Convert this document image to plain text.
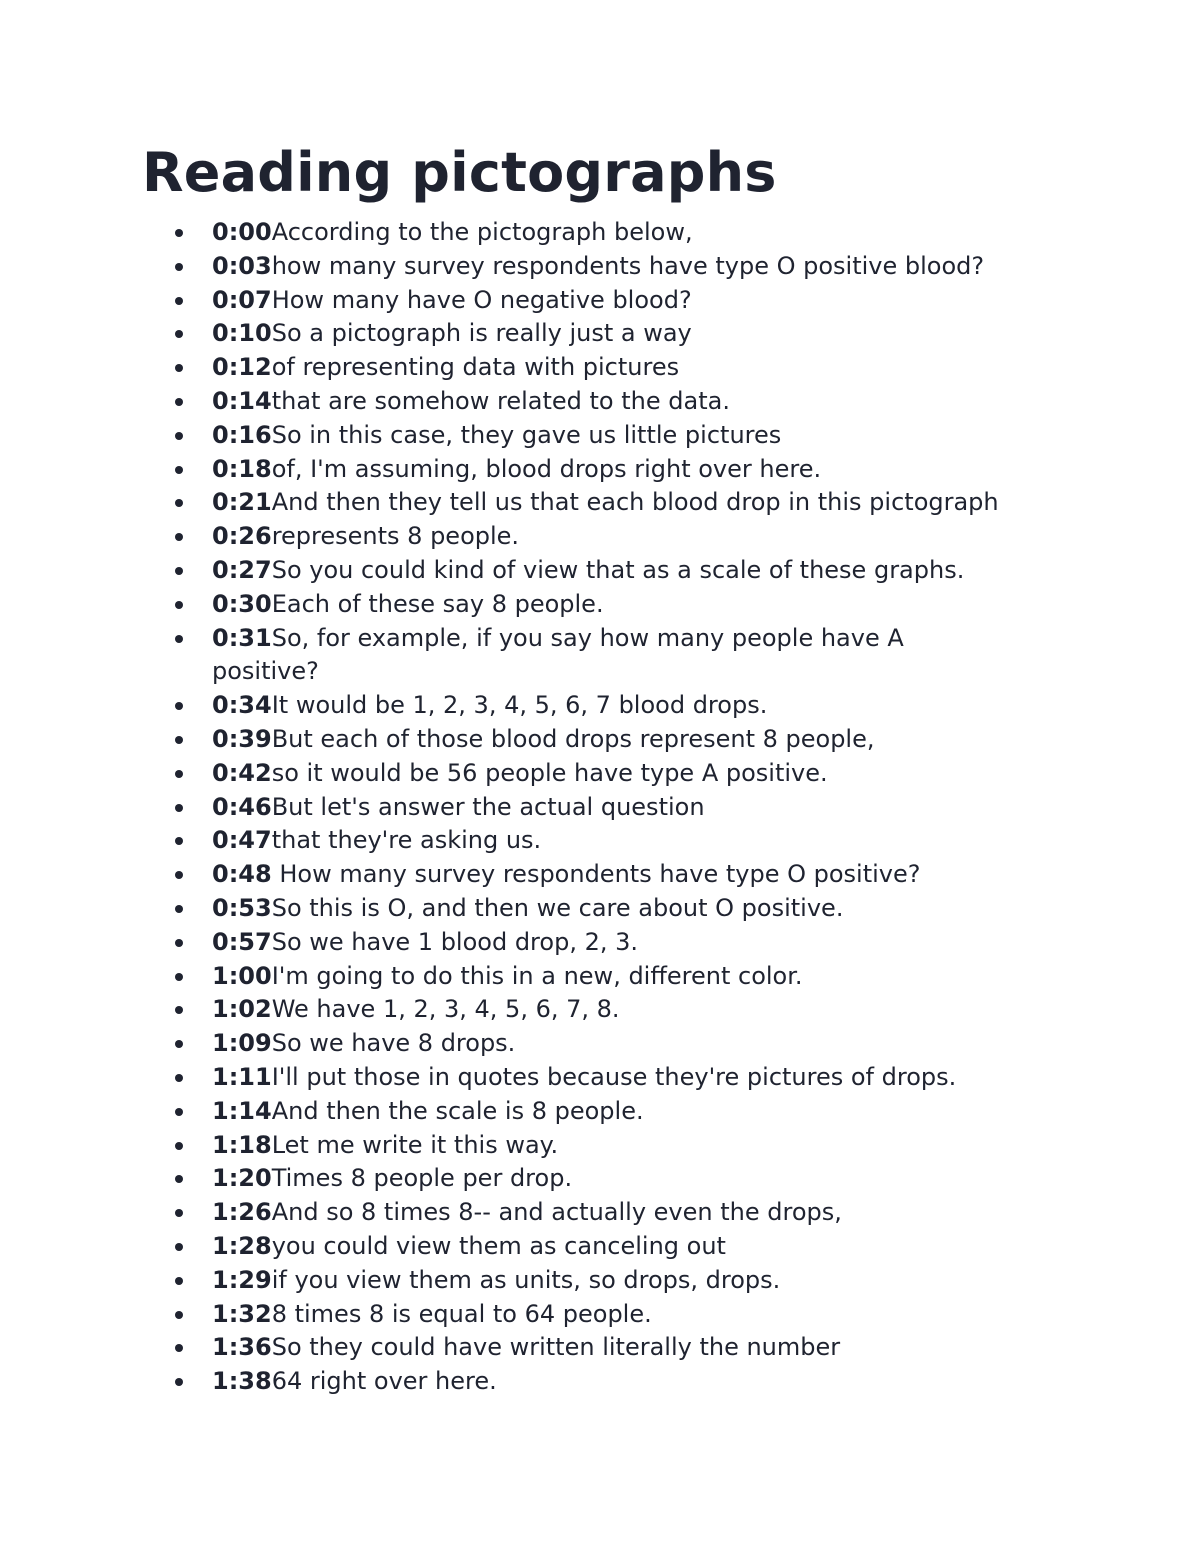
Reading pictographs
0:00According to the pictograph below,
0:03how many survey respondents have type O positive blood?
0:07How many have O negative blood?
0:10So a pictograph is really just a way
0:12of representing data with pictures
0:14that are somehow related to the data.
0:16So in this case, they gave us little pictures
0:18of, I'm assuming, blood drops right over here.
0:21And then they tell us that each blood drop in this pictograph
0:26represents 8 people.
0:27So you could kind of view that as a scale of these graphs.
0:30Each of these say 8 people.
0:31So, for example, if you say how many people have A positive?
0:34It would be 1, 2, 3, 4, 5, 6, 7 blood drops.
0:39But each of those blood drops represent 8 people,
0:42so it would be 56 people have type A positive.
0:46But let's answer the actual question
0:47that they're asking us.
0:48 How many survey respondents have type O positive?
0:53So this is O, and then we care about O positive.
0:57So we have 1 blood drop, 2, 3.
1:00I'm going to do this in a new, different color.
1:02We have 1, 2, 3, 4, 5, 6, 7, 8.
1:09So we have 8 drops.
1:11I'll put those in quotes because they're pictures of drops.
1:14And then the scale is 8 people.
1:18Let me write it this way.
1:20Times 8 people per drop.
1:26And so 8 times 8-- and actually even the drops,
1:28you could view them as canceling out
1:29if you view them as units, so drops, drops.
1:328 times 8 is equal to 64 people.
1:36So they could have written literally the number
1:3864 right over here.
